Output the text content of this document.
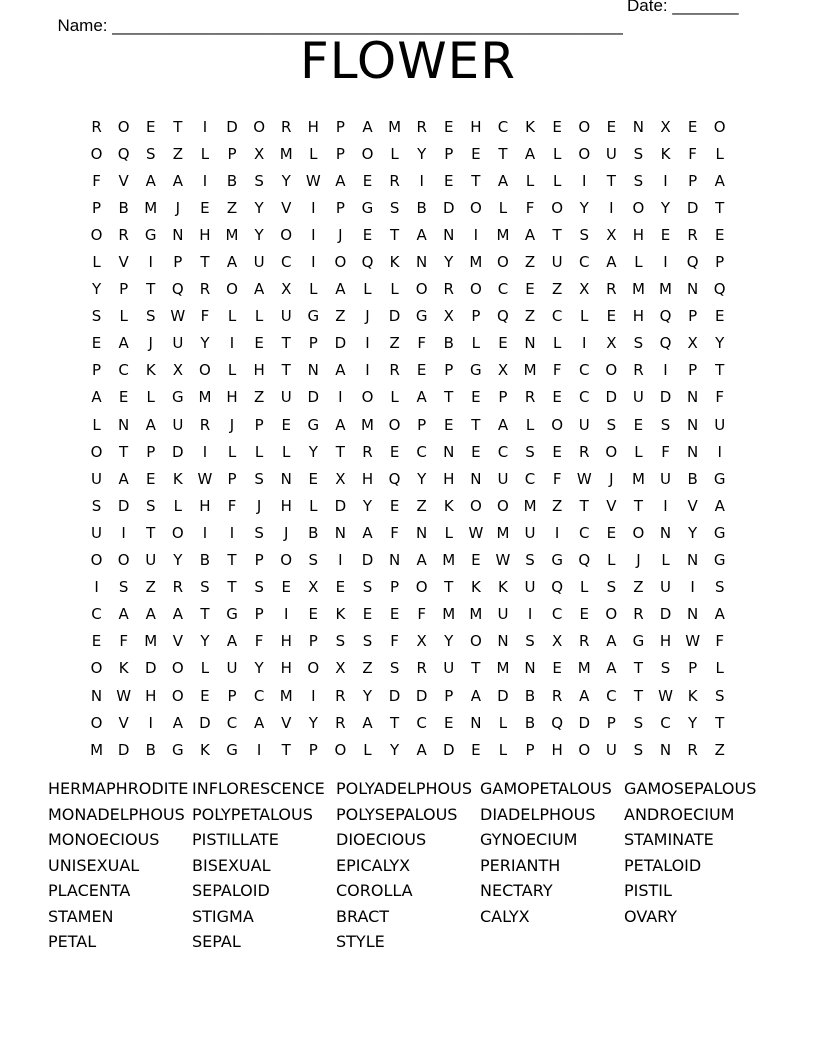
Name: ______________________________________________________

Date: _______

FLOWER
R	O	E	T	I	D	O	R	H	P	A	M	R	E	H	C	K	E	O	E	N	X	E	O
O	Q	S	Z	L	P	X	M	L	P	O	L	Y	P	E	T	A	L	O	U	S	K	F	L
F	V	A	A	I	B	S	Y	W A	E	R	I	E	T	A	L	L	I	T	S	I	P	A
P	B	M	J	E	Z	Y	V	I	P	G	S	B	D	O	L	F	O	Y	I	O	Y	D	T
O	R	G	N	H M	Y	O	I	J	E	T	A	N	I	M	A	T	S	X	H	E	R	E
L	V	I	P	T	A	U	C	I	O	Q	K	N	Y	M O	Z	U	C	A	L	I	Q	P
Y	P	T	Q	R	O	A	X	L	A	L	L	O	R	O	C	E	Z	X	R	M M	N	Q
S	L	S W	F	L	L	U	G	Z	J	D	G	X	P	Q	Z	C	L	E	H	Q	P	E
E	A	J	U	Y	I	E	T	P	D	I	Z	F	B	L	E	N	L	I	X	S	Q	X	Y
P	C	K	X	O	L	H	T	N	A	I	R	E	P	G	X	M	F	C	O	R	I	P	T
A	E	L	G M H	Z	U	D	I	O	L	A	T	E	P	R	E	C	D	U	D	N	F
L	N	A	U	R	J	P	E	G	A	M O	P	E	T	A	L	O	U	S	E	S	N	U
O	T	P	D	I	L	L	L	Y	T	R	E	C	N	E	C	S	E	R	O	L	F	N	I
U	A	E	K W	P	S	N	E	X	H	Q	Y	H	N	U	C	F	W	J	M	U	B	G
S	D	S	L	H	F	J	H	L	D	Y	E	Z	K	O	O M	Z	T	V	T	I	V	A
U	I	T	O	I	I	S	J	B	N	A	F	N	L	W M	U	I	C	E	O	N	Y	G
O	O	U	Y	B	T	P	O	S	I	D	N	A	M	E W S	G	Q	L	J	L	N	G
I	S	Z	R	S	T	S	E	X	E	S	P	O	T	K	K	U	Q	L	S	Z	U	I	S
C	A	A	A	T	G	P	I	E	K	E	E	F	M M	U	I	C	E	O	R	D	N	A
E	F	M	V	Y	A	F	H	P	S	S	F	X	Y	O	N	S	X	R	A	G	H W	F
O	K	D	O	L	U	Y	H	O	X	Z	S	R	U	T	M	N	E	M	A	T	S	P	L
N W H	O	E	P	C	M	I	R	Y	D	D	P	A	D	B	R	A	C	T	W K	S
O	V	I	A	D	C	A	V	Y	R	A	T	C	E	N	L	B	Q	D	P	S	C	Y	T
M D	B	G	K	G	I	T	P	O	L	Y	A	D	E	L	P	H	O	U	S	N	R	Z
HERMAPHRODITE INFLORESCENCE POLYADELPHOUS GAMOPETALOUS GAMOSEPALOUS
MONADELPHOUS POLYPETALOUS	POLYSEPALOUS	DIADELPHOUS	ANDROECIUM
MONOECIOUS	PISTILLATE	DIOECIOUS	GYNOECIUM	STAMINATE
UNISEXUAL	BISEXUAL	EPICALYX	PERIANTH	PETALOID
PLACENTA	SEPALOID	COROLLA	NECTARY	PISTIL
STAMEN	STIGMA	BRACT	CALYX	OVARY
PETAL	SEPAL	STYLE
